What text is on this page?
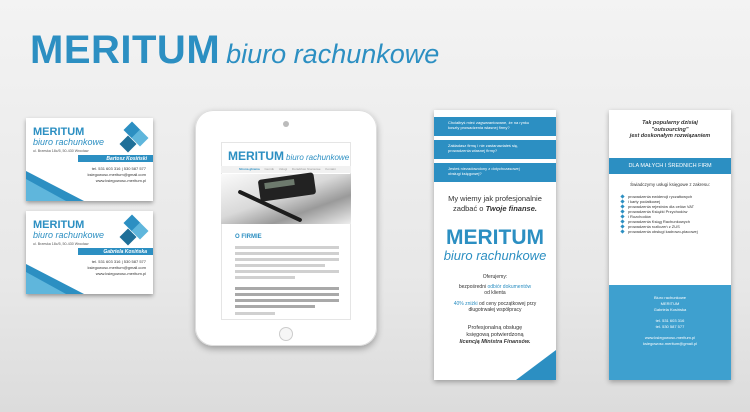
MERITUM biuro rachunkowe
MERITUM
biuro rachunkowe
ul. Brzeska 18c/5, 50-430 Wrocław
Bartosz Kosiński
tel. 531 603 316 | 530 587 577
ksiegowosc.meritum@gmail.com
www.ksiegowosc-meritum.pl
MERITUM
biuro rachunkowe
ul. Brzeska 18c/5, 50-430 Wrocław
Gabriela Kosińska
tel. 531 603 316 | 530 587 577
ksiegowosc.meritum@gmail.com
www.ksiegowosc-meritum.pl
MERITUM biuro rachunkowe
Strona główna Cennik Usługi Doradztwo finansowe Kontakt
O FIRMIE
Chciałbyś mieć zagwarantowane, że na rynku
koszty prowadzenia własnej firmy?
Zakładasz firmę i nie zastanawiałeś się,
prowadzenia własnej firmy?
Jesteś niezadowolony z dotychczasowej
obsługi księgowej?
My wiemy jak profesjonalnie
zadbać o Twoje finanse.
MERITUM
biuro rachunkowe
Oferujemy:
bezpośredni odbiór dokumentów
od klienta
40% zniżki od ceny początkowej przy
długotrwałej współpracy
Profesjonalną obsługę
księgową potwierdzoną
licencją Ministra Finansów.
Tak popularny dzisiaj
"outsourcing"
jest doskonałym rozwiązaniem
DLA MAŁYCH I ŚREDNICH FIRM
Świadczymy usługi księgowe z zakresu:
prowadzenia ewidencji ryczałtowych
i karty podatkowej
prowadzenia rejestrów dla celów VAT
prowadzenia Książki Przychodów
i Rozchodów
prowadzenia Ksiąg Rachunkowych
prowadzenia rozliczeń z ZUS
prowadzenia obsługi kadrowo-płacowej
Biuro rachunkowe
MERITUM
Gabriela Kosińska
tel. 531 603 316
tel. 530 587 577
www.ksiegowosc-meritum.pl
ksiegowosc.meritum@gmail.pl
